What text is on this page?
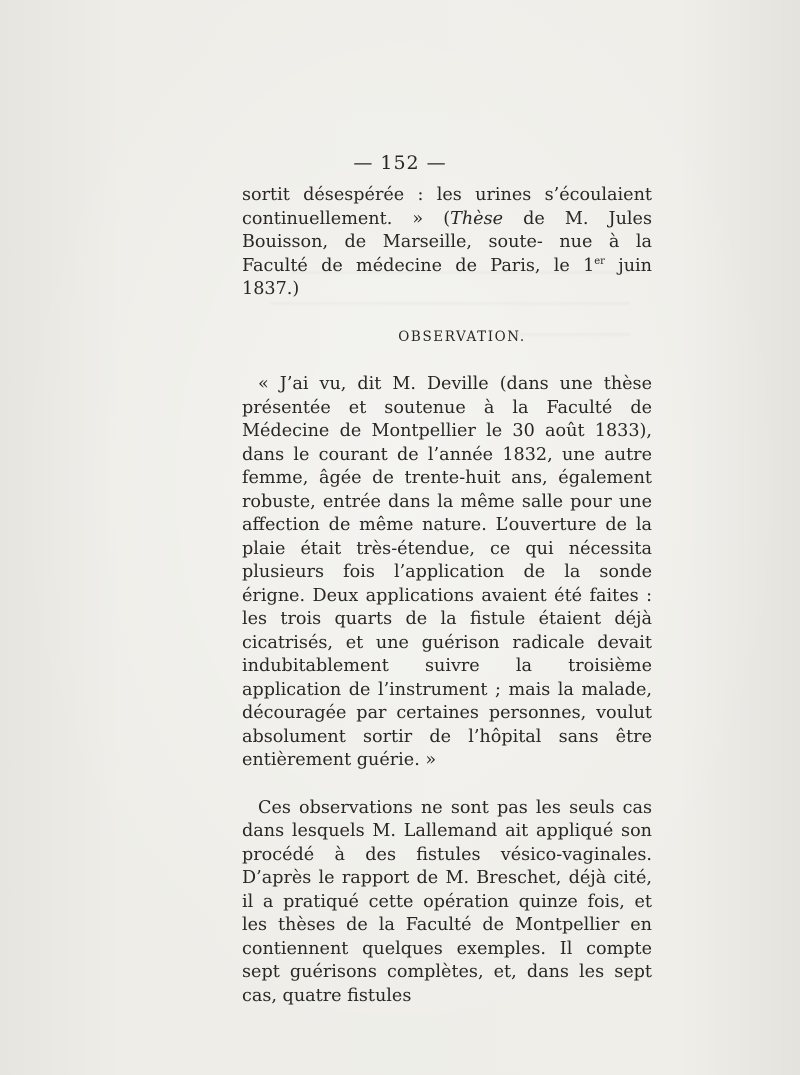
— 152 —

sortit désespérée : les urines s’écoulaient continuellement. » (Thèse de M. Jules Bouisson, de Marseille, soute- nue à la Faculté de médecine de Paris, le 1er juin 1837.)

OBSERVATION.

« J’ai vu, dit M. Deville (dans une thèse présentée et soutenue à la Faculté de Médecine de Montpellier le 30 août 1833), dans le courant de l’année 1832, une autre femme, âgée de trente-huit ans, également robuste, entrée dans la même salle pour une affection de même nature. L’ouverture de la plaie était très-étendue, ce qui nécessita plusieurs fois l’application de la sonde érigne. Deux applications avaient été faites : les trois quarts de la fistule étaient déjà cicatrisés, et une guérison radicale devait indubitablement suivre la troisième application de l’instrument ; mais la malade, découragée par certaines personnes, voulut absolument sortir de l’hôpital sans être entièrement guérie. »

Ces observations ne sont pas les seuls cas dans lesquels M. Lallemand ait appliqué son procédé à des fistules vésico-vaginales. D’après le rapport de M. Breschet, déjà cité, il a pratiqué cette opération quinze fois, et les thèses de la Faculté de Montpellier en contiennent quelques exemples. Il compte sept guérisons complètes, et, dans les sept cas, quatre fistules
